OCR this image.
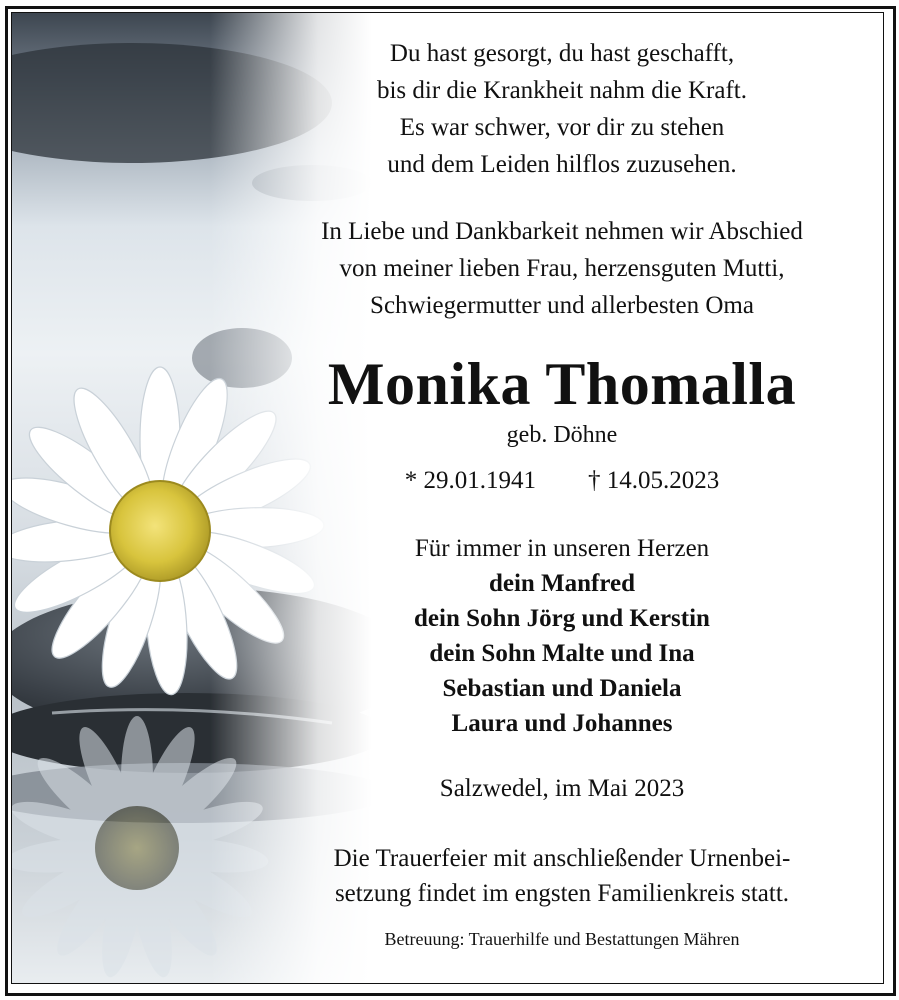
Du hast gesorgt, du hast geschafft,
bis dir die Krankheit nahm die Kraft.
Es war schwer, vor dir zu stehen
und dem Leiden hilflos zuzusehen.
In Liebe und Dankbarkeit nehmen wir Abschied
von meiner lieben Frau, herzensguten Mutti,
Schwiegermutter und allerbesten Oma
Monika Thomalla
geb. Döhne
* 29.01.1941 † 14.05.2023
Für immer in unseren Herzen
dein Manfred
dein Sohn Jörg und Kerstin
dein Sohn Malte und Ina
Sebastian und Daniela
Laura und Johannes
Salzwedel, im Mai 2023
Die Trauerfeier mit anschließender Urnenbei-
setzung findet im engsten Familienkreis statt.
Betreuung: Trauerhilfe und Bestattungen Mähren
